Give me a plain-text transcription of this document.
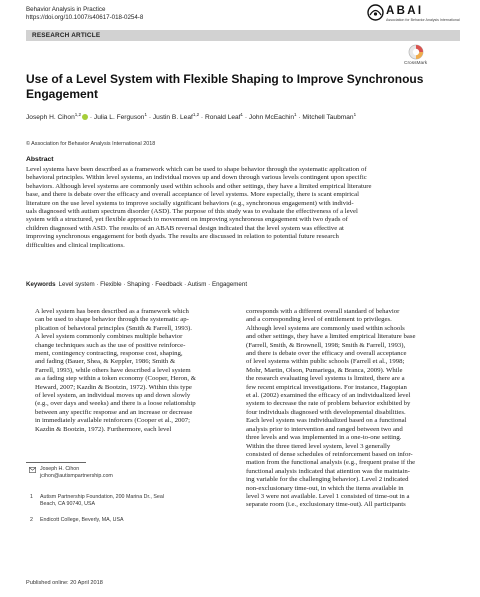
Behavior Analysis in Practice
https://doi.org/10.1007/s40617-018-0254-8
ABAI
Association for Behavior Analysis International
RESEARCH ARTICLE
CrossMark
Use of a Level System with Flexible Shaping to Improve Synchronous Engagement
Joseph H. Cihon$^{1,2}$ · Julia L. Ferguson$^1$ · Justin B. Leaf$^{1,2}$ · Ronald Leaf$^1$ · John McEachin$^1$ · Mitchell Taubman$^1$
© Association for Behavior Analysis International 2018
Abstract
Level systems have been described as a framework which can be used to shape behavior through the systematic application of
behavioral principles. Within level systems, an individual moves up and down through various levels contingent upon specific
behaviors. Although level systems are commonly used within schools and other settings, they have a limited empirical literature
base, and there is debate over the efficacy and overall acceptance of level systems. More especially, there is scant empirical
literature on the use level systems to improve socially significant behaviors (e.g., synchronous engagement) with individ-
uals diagnosed with autism spectrum disorder (ASD). The purpose of this study was to evaluate the effectiveness of a level
system with a structured, yet flexible approach to movement on improving synchronous engagement with two dyads of
children diagnosed with ASD. The results of an ABAB reversal design indicated that the level system was effective at
improving synchronous engagement for both dyads. The results are discussed in relation to potential future research
difficulties and clinical implications.
Keywords Level system · Flexible · Shaping · Feedback · Autism · Engagement
A level system has been described as a framework which
can be used to shape behavior through the systematic ap-
plication of behavioral principles (Smith & Farrell, 1993).
A level system commonly combines multiple behavior
change techniques such as the use of positive reinforce-
ment, contingency contracting, response cost, shaping,
and fading (Bauer, Shea, & Keppler, 1986; Smith &
Farrell, 1993), while others have described a level system
as a fading step within a token economy (Cooper, Heron, &
Heward, 2007; Kazdin & Bootzin, 1972). Within this type
of level system, an individual moves up and down slowly
(e.g., over days and weeks) and there is a loose relationship
between any specific response and an increase or decrease
in immediately available reinforcers (Cooper et al., 2007;
Kazdin & Bootzin, 1972). Furthermore, each level
corresponds with a different overall standard of behavior
and a corresponding level of entitlement to privileges.
Although level systems are commonly used within schools
and other settings, they have a limited empirical literature base
(Farrell, Smith, & Brownell, 1998; Smith & Farrell, 1993),
and there is debate over the efficacy and overall acceptance
of level systems within public schools (Farrell et al., 1998;
Mohr, Martin, Olson, Pumariega, & Branca, 2009). While
the research evaluating level systems is limited, there are a
few recent empirical investigations. For instance, Hagopian
et al. (2002) examined the efficacy of an individualized level
system to decrease the rate of problem behavior exhibited by
four individuals diagnosed with developmental disabilities.
Each level system was individualized based on a functional
analysis prior to intervention and ranged between two and
three levels and was implemented in a one-to-one setting.
Within the three tiered level system, level 3 generally
consisted of dense schedules of reinforcement based on infor-
mation from the functional analysis (e.g., frequent praise if the
functional analysis indicated that attention was the maintain-
ing variable for the challenging behavior). Level 2 indicated
non-exclusionary time-out, in which the items available in
level 3 were not available. Level 1 consisted of time-out in a
separate room (i.e., exclusionary time-out). All participants
Joseph H. Cihon
jcihon@autismpartnership.com
1	Autism Partnership Foundation, 200 Marina Dr., Seal
Beach, CA 90740, USA
2	Endicott College, Beverly, MA, USA
Published online: 20 April 2018
